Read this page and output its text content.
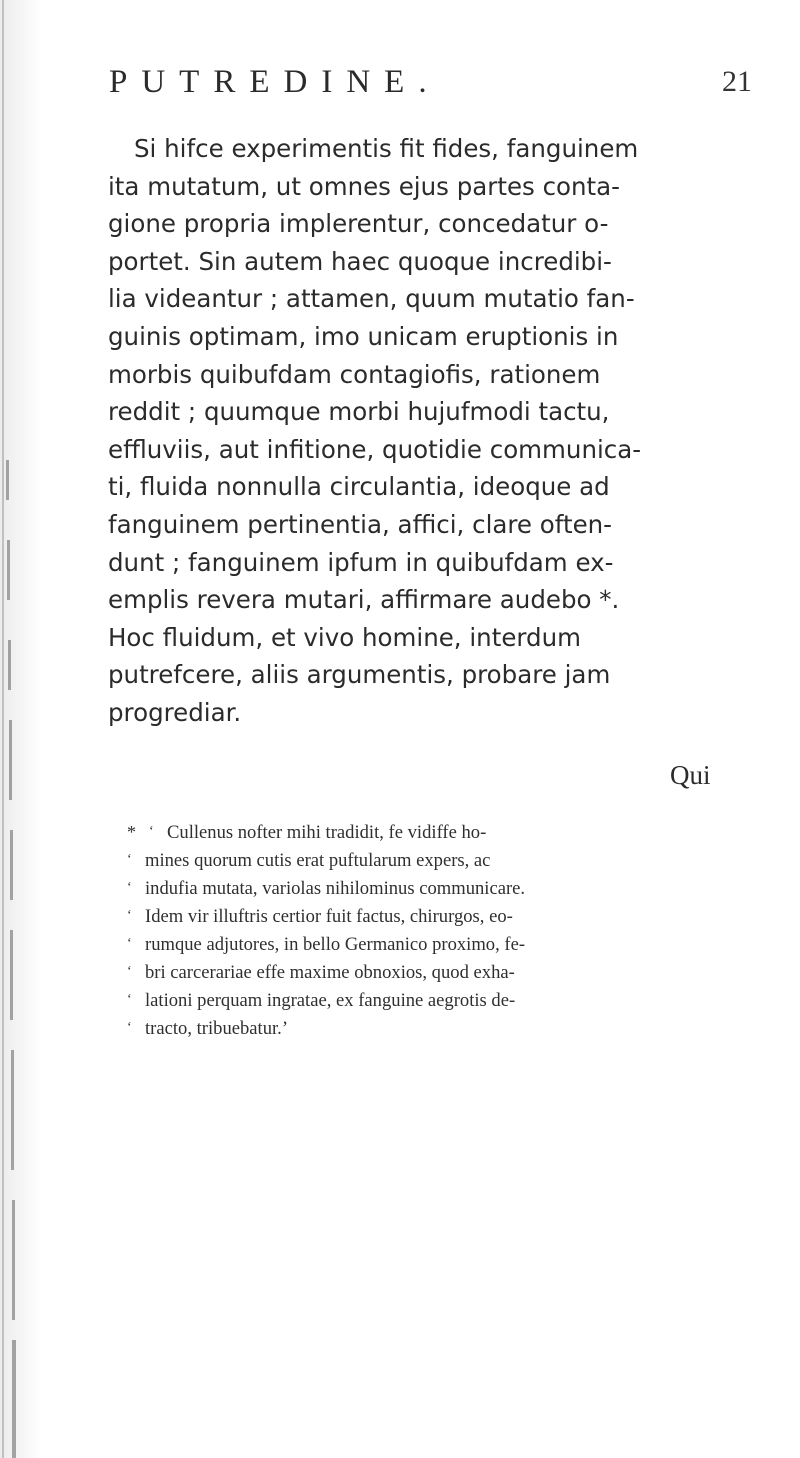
PUTREDINE.	21
Si hifce experimentis fit fides, fanguinem
ita mutatum, ut omnes ejus partes conta-
gione propria implerentur, concedatur o-
portet. Sin autem haec quoque incredibi-
lia videantur ; attamen, quum mutatio fan-
guinis optimam, imo unicam eruptionis in
morbis quibufdam contagiofis, rationem
reddit ; quumque morbi hujufmodi tactu,
effluviis, aut infitione, quotidie communica-
ti, fluida nonnulla circulantia, ideoque ad
fanguinem pertinentia, affici, clare often-
dunt ; fanguinem ipfum in quibufdam ex-
emplis revera mutari, affirmare audebo *.
Hoc fluidum, et vivo homine, interdum
putrefcere, aliis argumentis, probare jam
progrediar.
Qui
* ‘ Cullenus nofter mihi tradidit, fe vidiffe ho-
‘ mines quorum cutis erat puftularum expers, ac
‘ indufia mutata, variolas nihilominus communicare.
‘ Idem vir illuftris certior fuit factus, chirurgos, eo-
‘ rumque adjutores, in bello Germanico proximo, fe-
‘ bri carcerariae effe maxime obnoxios, quod exha-
‘ lationi perquam ingratae, ex fanguine aegrotis de-
‘ tracto, tribuebatur.’
